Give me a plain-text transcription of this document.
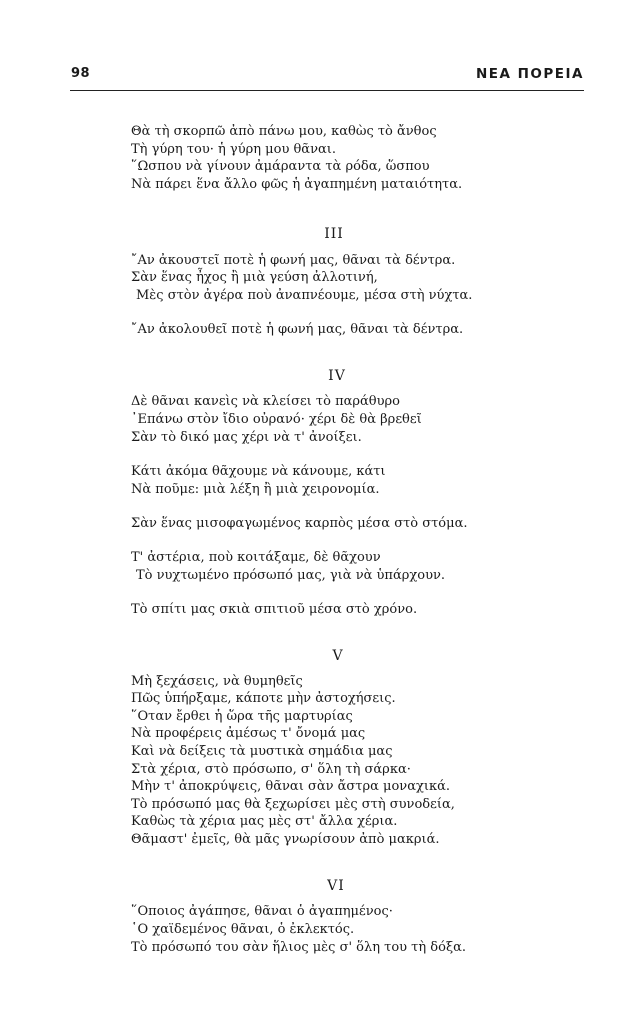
98	ΝΕΑ ΠΟΡΕΙΑ
Θὰ τὴ σκορπῶ ἀπὸ πάνω μου, καθὼς τὸ ἄνθος
Τὴ γύρη του· ἡ γύρη μου θᾶναι.
῞Ωσπου νὰ γίνουν ἀμάραντα τὰ ρόδα, ὥσπου
Νὰ πάρει ἕνα ἄλλο φῶς ἡ ἀγαπημένη ματαιότητα.
III
῎Αν ἀκουστεῖ ποτὲ ἡ φωνή μας, θᾶναι τὰ δέντρα.
Σὰν ἕνας ἦχος ἢ μιὰ γεύση ἀλλοτινή,
Μὲς στὸν ἀγέρα ποὺ ἀναπνέουμε, μέσα στὴ νύχτα.
῎Αν ἀκολουθεῖ ποτὲ ἡ φωνή μας, θᾶναι τὰ δέντρα.
IV
Δὲ θᾶναι κανεὶς νὰ κλείσει τὸ παράθυρο
᾿Επάνω στὸν ἴδιο οὐρανό· χέρι δὲ θὰ βρεθεῖ
Σὰν τὸ δικό μας χέρι νὰ τ' ἀνοίξει.
Κάτι ἀκόμα θᾶχουμε νὰ κάνουμε, κάτι
Νὰ ποῦμε: μιὰ λέξη ἢ μιὰ χειρονομία.
Σὰν ἕνας μισοφαγωμένος καρπὸς μέσα στὸ στόμα.
Τ' ἀστέρια, ποὺ κοιτάξαμε, δὲ θᾶχουν
Τὸ νυχτωμένο πρόσωπό μας, γιὰ νὰ ὑπάρχουν.
Τὸ σπίτι μας σκιὰ σπιτιοῦ μέσα στὸ χρόνο.
V
Μὴ ξεχάσεις, νὰ θυμηθεῖς
Πῶς ὑπήρξαμε, κάποτε μὴν ἀστοχήσεις.
῞Οταν ἔρθει ἡ ὥρα τῆς μαρτυρίας
Νὰ προφέρεις ἀμέσως τ' ὄνομά μας
Καὶ νὰ δείξεις τὰ μυστικὰ σημάδια μας
Στὰ χέρια, στὸ πρόσωπο, σ' ὅλη τὴ σάρκα·
Μὴν τ' ἀποκρύψεις, θᾶναι σὰν ἄστρα μοναχικά.
Τὸ πρόσωπό μας θὰ ξεχωρίσει μὲς στὴ συνοδεία,
Καθὼς τὰ χέρια μας μὲς στ' ἄλλα χέρια.
Θᾶμαστ' ἐμεῖς, θὰ μᾶς γνωρίσουν ἀπὸ μακριά.
VI
῞Οποιος ἀγάπησε, θᾶναι ὁ ἀγαπημένος·
῾Ο χαϊδεμένος θᾶναι, ὁ ἐκλεκτός.
Τὸ πρόσωπό του σὰν ἥλιος μὲς σ' ὅλη του τὴ δόξα.
